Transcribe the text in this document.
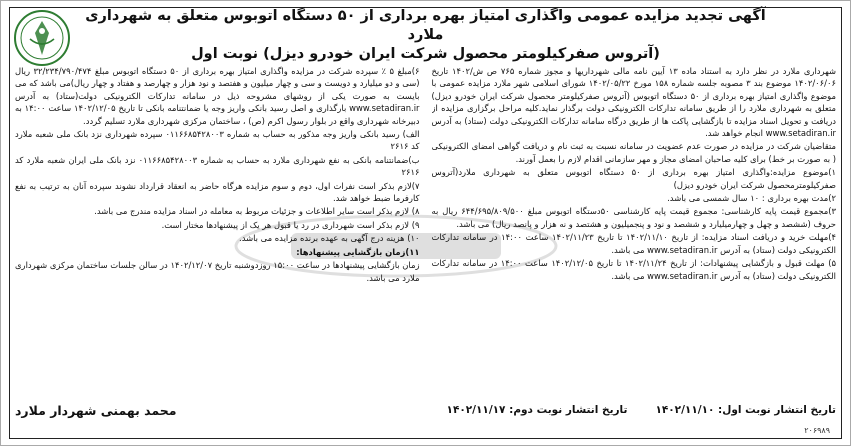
آگهی تجدید مزایده عمومی واگذاری امتیاز بهره برداری از ۵۰ دستگاه اتوبوس متعلق به شهرداری ملارد
(آتروس صفرکیلومتر محصول شرکت ایران خودرو دیزل) نوبت اول

شهرداری ملارد در نظر دارد به استناد ماده ۱۳ آیین نامه مالی شهرداریها و مجوز شماره ۷۶۵ ص ش/۱۴۰۲ تاریخ ۱۴۰۲/۰۶/۰۶ موضوع بند ۳ مصوبه جلسه شماره ۱۵۸ مورخ ۱۴۰۲/۰۵/۲۲ شورای اسلامی شهر ملارد مزایده عمومی با موضوع واگذاری امتیاز بهره برداری از ۵۰ دستگاه اتوبوس (آتروس صفرکیلومتر محصول شرکت ایران خودرو دیزل) متعلق به شهرداری ملارد را از طریق سامانه تدارکات الکترونیکی دولت برگذار نماید.کلیه مراحل برگزاری مزایده از دریافت و تحویل اسناد مزایده تا بازگشایی پاکت ها از طریق درگاه سامانه تدارکات الکترونیکی دولت (ستاد) به آدرس www.setadiran.ir انجام خواهد شد.

متقاضیان شرکت در مزایده در صورت عدم عضویت در سامانه نسبت به ثبت نام و دریافت گواهی امضای الکترونیکی ( به صورت بر خط) برای کلیه صاحبان امضای مجاز و مهر سازمانی اقدام لازم را بعمل آورند.

۱)موضوع مزایده:واگذاری امتیاز بهره برداری از ۵۰ دستگاه اتوبوس متعلق به شهرداری ملارد(آتروس صفرکیلومترمحصول شرکت ایران خودرو دیزل)

۲)مدت بهره برداری : ۱۰ سال شمسی می باشد.

۳)مجموع قیمت پایه کارشناسی: مجموع قیمت پایه کارشناسی ۵۰دستگاه اتوبوس مبلغ ۶۴۴/۶۹۵/۸۰۹/۵۰۰ ریال به حروف (ششصد و چهل و چهارمیلیارد و ششصد و نود و پنجمیلیون و هشتصد و نه هزار و پانصد ریال) می باشد.

۴)مهلت خرید و دریافت اسناد مزایده: از تاریخ ۱۴۰۲/۱۱/۱۰ تا تاریخ ۱۴۰۲/۱۱/۲۳ ساعت ۱۴:۰۰ در سامانه تدارکات الکترونیکی دولت (ستاد) به آدرس www.setadiran.ir می باشد.

۵) مهلت قبول و بازگشایی پیشنهادات: از تاریخ ۱۴۰۲/۱۱/۲۴ تا تاریخ ۱۴۰۲/۱۲/۰۵ ساعت ۱۴:۰۰ در سامانه تدارکات الکترونیکی دولت (ستاد) به آدرس www.setadiran.ir می باشد.

۶)مبلغ ۵ ٪ سپرده شرکت در مزایده واگذاری امتیاز بهره برداری از ۵۰ دستگاه اتوبوس مبلغ ۳۲/۲۳۴/۷۹۰/۴۷۴ ریال (سی و دو میلیارد و دویست و سی و چهار میلیون و هفتصد و نود هزار و چهارصد و هفتاد و چهار ریال)می باشد که می بایست به صورت یکی از روشهای مشروحه ذیل در سامانه تدارکات الکترونیکی دولت(ستاد) به آدرس www.setadiran.ir بارگذاری و اصل رسید بانکی واریز وجه یا ضمانتنامه بانکی تا تاریخ ۱۴۰۲/۱۲/۰۵ ساعت ۱۴:۰۰ به دبیرخانه شهرداری واقع در بلوار رسول اکرم (ص) ، ساختمان مرکزی شهرداری ملارد تسلیم گردد.

الف) رسید بانکی واریز وجه مذکور به حساب به شماره ۰۱۱۶۶۸۵۴۲۸۰۰۳ سپرده شهرداری نزد بانک ملی شعبه ملارد کد ۲۶۱۶

ب)ضمانتنامه بانکی به نفع شهرداری ملارد به حساب به شماره ۰۱۱۶۶۸۵۴۲۸۰۰۳ نزد بانک ملی ایران شعبه ملارد کد ۲۶۱۶

۷)لازم بذکر است نفرات اول، دوم و سوم مزایده هرگاه حاضر به انعقاد قرارداد نشوند سپرده آنان به ترتیب به نفع کارفرما ضبط خواهد شد.

۸) لازم بذکر است سایر اطلاعات و جزئیات مربوط به معامله در اسناد مزایده مندرج می باشد.

۹) لازم بذکر است شهرداری در رد یا قبول هر یک از پیشنهادها مختار است.

۱۰) هزینه درج آگهی به عهده برنده مزایده می باشد.

۱۱)زمان بازگشایی پیشنهادها:

زمان بازگشایی پیشنهادها در ساعت ۱۵:۰۰ روزدوشنبه تاریخ ۱۴۰۲/۱۲/۰۷ در سالن جلسات ساختمان مرکزی شهرداری ملارد می باشد.

تاریخ انتشار نوبت اول: ۱۴۰۲/۱۱/۱۰
تاریخ انتشار نوبت دوم: ۱۴۰۲/۱۱/۱۷
محمد بهمنی شهردار ملارد
۲۰۶۹۸۹
